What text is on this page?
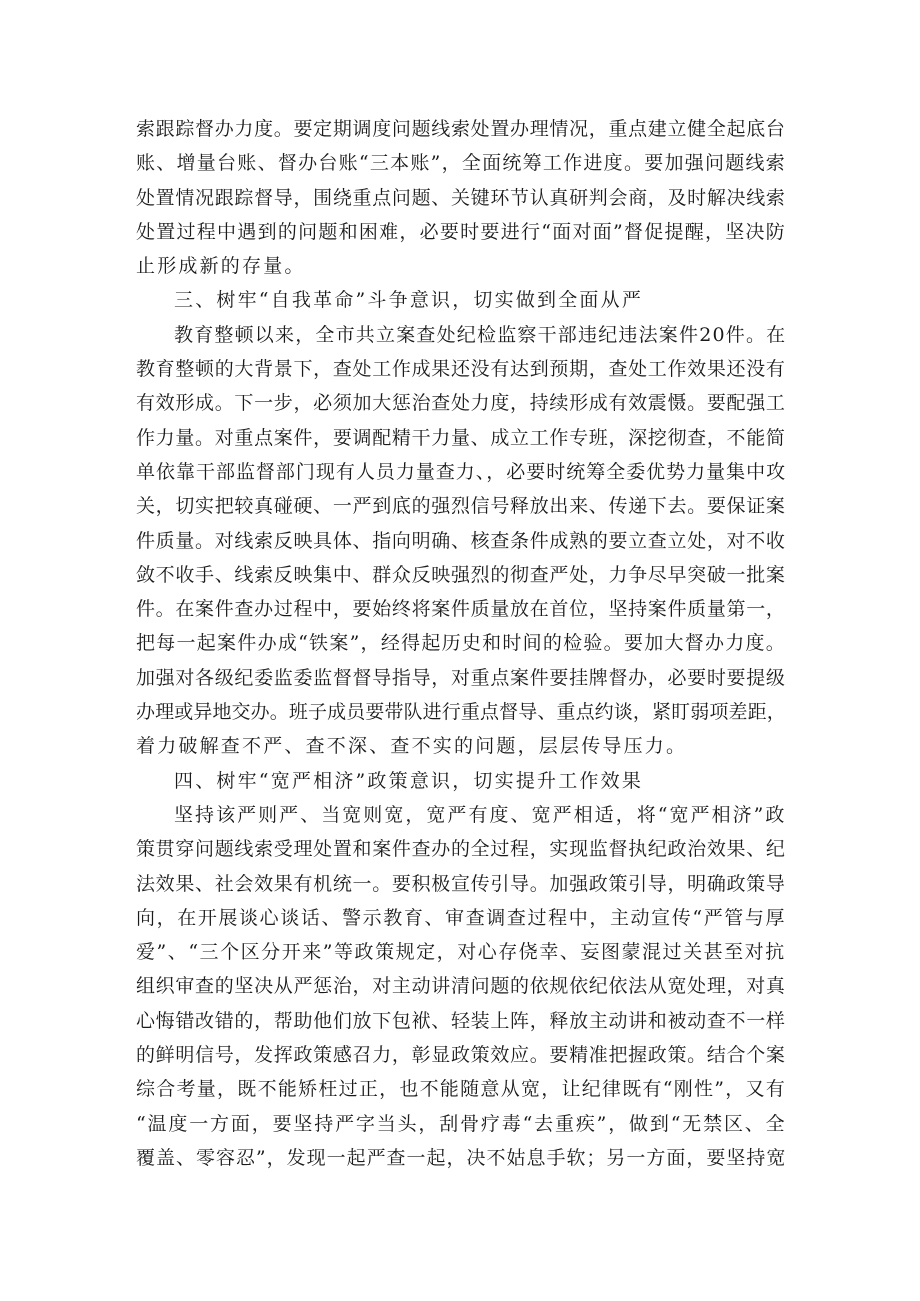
索跟踪督办力度。要定期调度问题线索处置办理情况，重点建立健全起底台

账、增量台账、督办台账“三本账”，全面统筹工作进度。要加强问题线索

处置情况跟踪督导，围绕重点问题、关键环节认真研判会商，及时解决线索

处置过程中遇到的问题和困难，必要时要进行“面对面”督促提醒，坚决防

止形成新的存量。

三、树牢“自我革命”斗争意识，切实做到全面从严

教育整顿以来，全市共立案查处纪检监察干部违纪违法案件20件。在

教育整顿的大背景下，查处工作成果还没有达到预期，查处工作效果还没有

有效形成。下一步，必须加大惩治查处力度，持续形成有效震慑。要配强工

作力量。对重点案件，要调配精干力量、成立工作专班，深挖彻查，不能简

单依靠干部监督部门现有人员力量查力、，必要时统筹全委优势力量集中攻

关，切实把较真碰硬、一严到底的强烈信号释放出来、传递下去。要保证案

件质量。对线索反映具体、指向明确、核查条件成熟的要立查立处，对不收

敛不收手、线索反映集中、群众反映强烈的彻查严处，力争尽早突破一批案

件。在案件查办过程中，要始终将案件质量放在首位，坚持案件质量第一，

把每一起案件办成“铁案”，经得起历史和时间的检验。要加大督办力度。

加强对各级纪委监委监督督导指导，对重点案件要挂牌督办，必要时要提级

办理或异地交办。班子成员要带队进行重点督导、重点约谈，紧盯弱项差距，

着力破解查不严、查不深、查不实的问题，层层传导压力。

四、树牢“宽严相济”政策意识，切实提升工作效果

坚持该严则严、当宽则宽，宽严有度、宽严相适，将“宽严相济”政

策贯穿问题线索受理处置和案件查办的全过程，实现监督执纪政治效果、纪

法效果、社会效果有机统一。要积极宣传引导。加强政策引导，明确政策导

向，在开展谈心谈话、警示教育、审查调查过程中，主动宣传“严管与厚

爱”、“三个区分开来”等政策规定，对心存侥幸、妄图蒙混过关甚至对抗

组织审查的坚决从严惩治，对主动讲清问题的依规依纪依法从宽处理，对真

心悔错改错的，帮助他们放下包袱、轻装上阵，释放主动讲和被动查不一样

的鲜明信号，发挥政策感召力，彰显政策效应。要精准把握政策。结合个案

综合考量，既不能矫枉过正，也不能随意从宽，让纪律既有“刚性”，又有

“温度一方面，要坚持严字当头，刮骨疗毒“去重疾”，做到“无禁区、全

覆盖、零容忍”，发现一起严查一起，决不姑息手软；另一方面，要坚持宽
